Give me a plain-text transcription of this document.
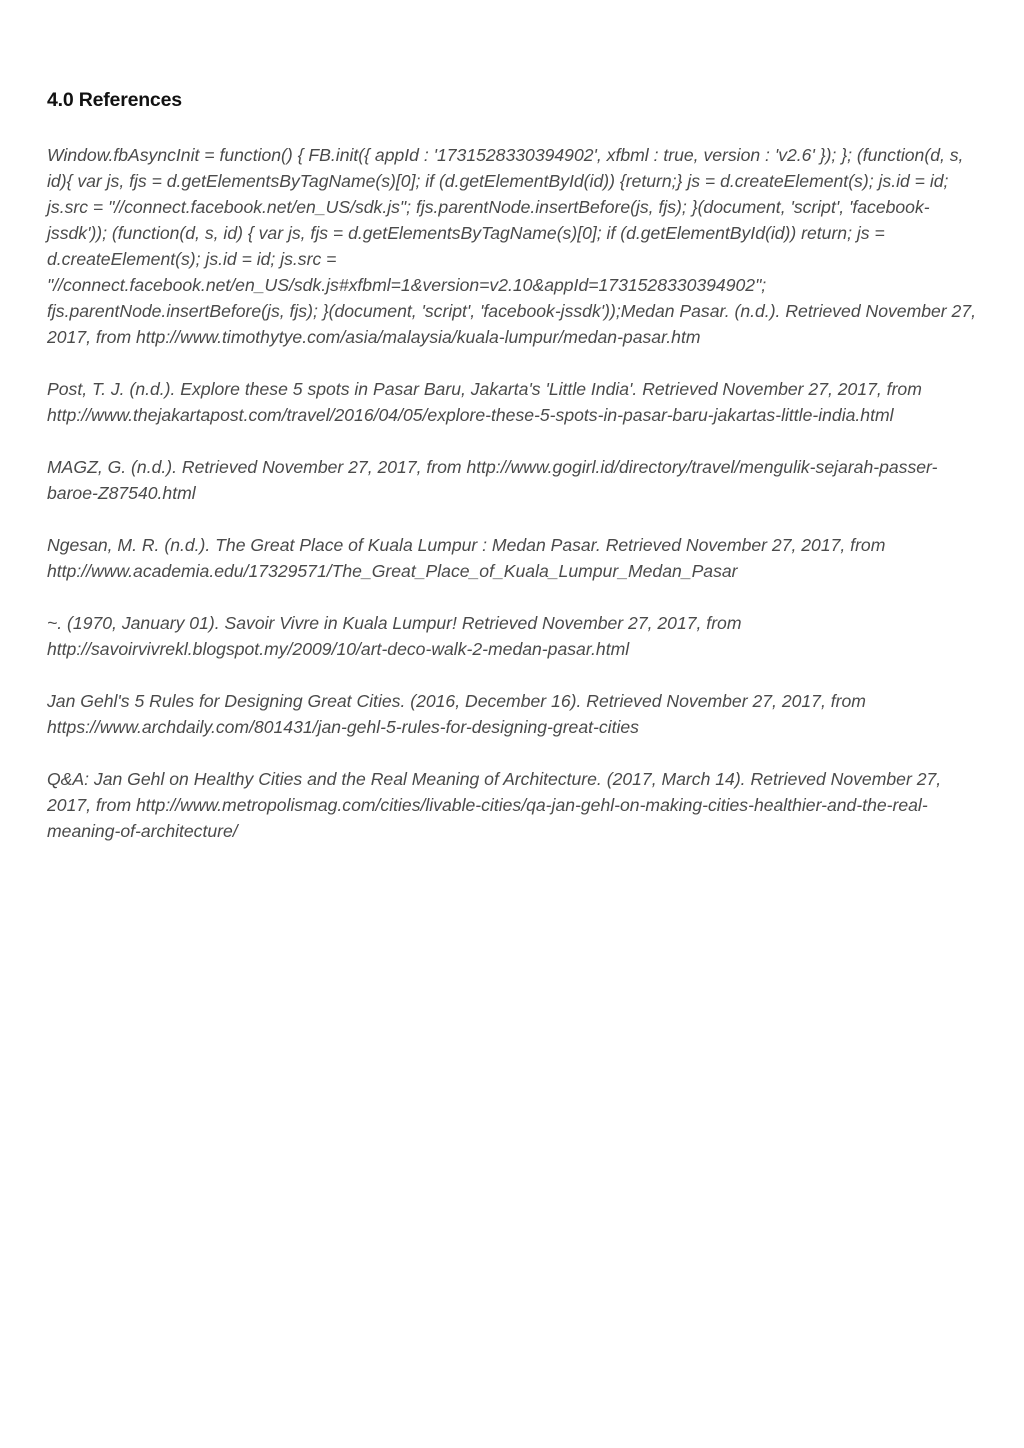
4.0 References
Window.fbAsyncInit = function() { FB.init({ appId : '1731528330394902', xfbml : true, version : 'v2.6' }); }; (function(d, s, id){ var js, fjs = d.getElementsByTagName(s)[0]; if (d.getElementById(id)) {return;} js = d.createElement(s); js.id = id; js.src = "//connect.facebook.net/en_US/sdk.js"; fjs.parentNode.insertBefore(js, fjs); }(document, 'script', 'facebook-jssdk')); (function(d, s, id) { var js, fjs = d.getElementsByTagName(s)[0]; if (d.getElementById(id)) return; js = d.createElement(s); js.id = id; js.src = "//connect.facebook.net/en_US/sdk.js#xfbml=1&version=v2.10&appId=1731528330394902"; fjs.parentNode.insertBefore(js, fjs); }(document, 'script', 'facebook-jssdk'));Medan Pasar. (n.d.). Retrieved November 27, 2017, from http://www.timothytye.com/asia/malaysia/kuala-lumpur/medan-pasar.htm
Post, T. J. (n.d.). Explore these 5 spots in Pasar Baru, Jakarta's 'Little India'. Retrieved November 27, 2017, from http://www.thejakartapost.com/travel/2016/04/05/explore-these-5-spots-in-pasar-baru-jakartas-little-india.html
MAGZ, G. (n.d.). Retrieved November 27, 2017, from http://www.gogirl.id/directory/travel/mengulik-sejarah-passer-baroe-Z87540.html
Ngesan, M. R. (n.d.). The Great Place of Kuala Lumpur : Medan Pasar. Retrieved November 27, 2017, from http://www.academia.edu/17329571/The_Great_Place_of_Kuala_Lumpur_Medan_Pasar
~. (1970, January 01). Savoir Vivre in Kuala Lumpur! Retrieved November 27, 2017, from http://savoirvivrekl.blogspot.my/2009/10/art-deco-walk-2-medan-pasar.html
Jan Gehl's 5 Rules for Designing Great Cities. (2016, December 16). Retrieved November 27, 2017, from https://www.archdaily.com/801431/jan-gehl-5-rules-for-designing-great-cities
Q&A: Jan Gehl on Healthy Cities and the Real Meaning of Architecture. (2017, March 14). Retrieved November 27, 2017, from http://www.metropolismag.com/cities/livable-cities/qa-jan-gehl-on-making-cities-healthier-and-the-real-meaning-of-architecture/
